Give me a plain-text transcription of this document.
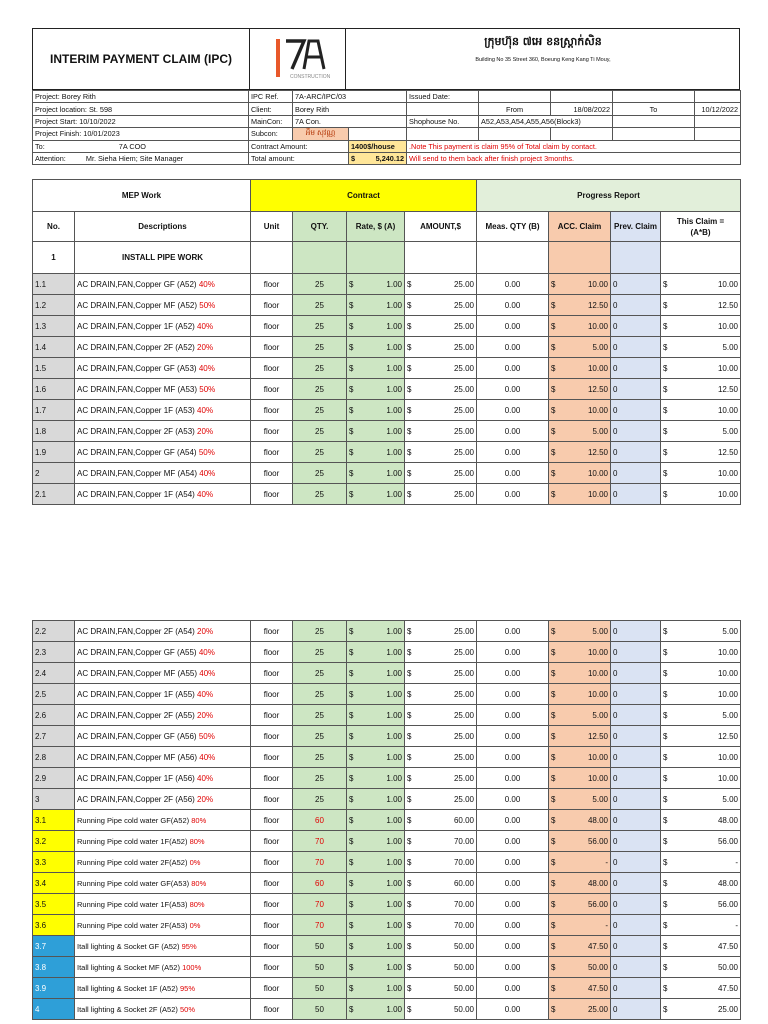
INTERIM PAYMENT CLAIM (IPC)
CONSTRUCTION
ក្រុមហ៊ុន ៧អេ ខនស្ត្រាក់សិន
Building No 35 Street 360, Boeung Keng Kang Ti Mouy,
Project: Borey Rith	IPC Ref.	7A-ARC/IPC/03		Issued Date:				
Project location: St. 598	Client:	Borey Rith			From	18/08/2022	To	10/12/2022
Project Start: 10/10/2022	MainCon:	7A Con.		Shophouse No.	A52,A53,A54,A55,A56(Block3)			
Project Finish: 10/01/2023	Subcon:	អឹម សុវណ្ណ						
To: 7A COO	Contract Amount:		1400$/house	.Note This payment is claim 95% of Total claim by contact.				
Attention: Mr. Sieha Hiem; Site Manager	Total amount:		$ 5,240.12	Will send to them back after finish project 3months.				
MEP Work		Contract				Progress Report			
No.	Descriptions	Unit	QTY.	Rate, $ (A)	AMOUNT,$	Meas. QTY (B)	ACC. Claim	Prev. Claim	This Claim =
(A*B)
1	INSTALL PIPE WORK								
1.1	AC DRAIN,FAN,Copper GF (A52) 40%	floor	25	$ 1.00	$ 25.00	0.00	$ 10.00	0	$ 10.00

1.2	AC DRAIN,FAN,Copper MF (A52) 50%	floor	25	$ 1.00	$ 25.00	0.00	$ 12.50	0	$ 12.50

1.3	AC DRAIN,FAN,Copper 1F (A52) 40%	floor	25	$ 1.00	$ 25.00	0.00	$ 10.00	0	$ 10.00

1.4	AC DRAIN,FAN,Copper 2F (A52) 20%	floor	25	$ 1.00	$ 25.00	0.00	$ 5.00	0	$ 5.00

1.5	AC DRAIN,FAN,Copper GF (A53) 40%	floor	25	$ 1.00	$ 25.00	0.00	$ 10.00	0	$ 10.00

1.6	AC DRAIN,FAN,Copper MF (A53) 50%	floor	25	$ 1.00	$ 25.00	0.00	$ 12.50	0	$ 12.50

1.7	AC DRAIN,FAN,Copper 1F (A53) 40%	floor	25	$ 1.00	$ 25.00	0.00	$ 10.00	0	$ 10.00

1.8	AC DRAIN,FAN,Copper 2F (A53) 20%	floor	25	$ 1.00	$ 25.00	0.00	$ 5.00	0	$ 5.00

1.9	AC DRAIN,FAN,Copper GF (A54) 50%	floor	25	$ 1.00	$ 25.00	0.00	$ 12.50	0	$ 12.50

2	AC DRAIN,FAN,Copper MF (A54) 40%	floor	25	$ 1.00	$ 25.00	0.00	$ 10.00	0	$ 10.00

2.1	AC DRAIN,FAN,Copper 1F (A54) 40%	floor	25	$ 1.00	$ 25.00	0.00	$ 10.00	0	$ 10.00
2.2	AC DRAIN,FAN,Copper 2F (A54) 20%	floor	25	$ 1.00	$ 25.00	0.00	$ 5.00	0	$ 5.00

2.3	AC DRAIN,FAN,Copper GF (A55) 40%	floor	25	$ 1.00	$ 25.00	0.00	$ 10.00	0	$ 10.00

2.4	AC DRAIN,FAN,Copper MF (A55) 40%	floor	25	$ 1.00	$ 25.00	0.00	$ 10.00	0	$ 10.00

2.5	AC DRAIN,FAN,Copper 1F (A55) 40%	floor	25	$ 1.00	$ 25.00	0.00	$ 10.00	0	$ 10.00

2.6	AC DRAIN,FAN,Copper 2F (A55) 20%	floor	25	$ 1.00	$ 25.00	0.00	$ 5.00	0	$ 5.00

2.7	AC DRAIN,FAN,Copper GF (A56) 50%	floor	25	$ 1.00	$ 25.00	0.00	$ 12.50	0	$ 12.50

2.8	AC DRAIN,FAN,Copper MF (A56) 40%	floor	25	$ 1.00	$ 25.00	0.00	$ 10.00	0	$ 10.00

2.9	AC DRAIN,FAN,Copper 1F (A56) 40%	floor	25	$ 1.00	$ 25.00	0.00	$ 10.00	0	$ 10.00

3	AC DRAIN,FAN,Copper 2F (A56) 20%	floor	25	$ 1.00	$ 25.00	0.00	$ 5.00	0	$ 5.00

3.1	Running Pipe cold water GF(A52) 80%	floor	60	$ 1.00	$ 60.00	0.00	$ 48.00	0	$ 48.00

3.2	Running Pipe cold water 1F(A52) 80%	floor	70	$ 1.00	$ 70.00	0.00	$ 56.00	0	$ 56.00

3.3	Running Pipe cold water 2F(A52) 0%	floor	70	$ 1.00	$ 70.00	0.00	$ -	0	$ -

3.4	Running Pipe cold water GF(A53) 80%	floor	60	$ 1.00	$ 60.00	0.00	$ 48.00	0	$ 48.00

3.5	Running Pipe cold water 1F(A53) 80%	floor	70	$ 1.00	$ 70.00	0.00	$ 56.00	0	$ 56.00

3.6	Running Pipe cold water 2F(A53) 0%	floor	70	$ 1.00	$ 70.00	0.00	$ -	0	$ -

3.7	Itall lighting & Socket GF (A52) 95%	floor	50	$ 1.00	$ 50.00	0.00	$ 47.50	0	$ 47.50

3.8	Itall lighting & Socket MF (A52) 100%	floor	50	$ 1.00	$ 50.00	0.00	$ 50.00	0	$ 50.00

3.9	Itall lighting & Socket 1F (A52) 95%	floor	50	$ 1.00	$ 50.00	0.00	$ 47.50	0	$ 47.50

4	Itall lighting & Socket 2F (A52) 50%	floor	50	$ 1.00	$ 50.00	0.00	$ 25.00	0	$ 25.00
